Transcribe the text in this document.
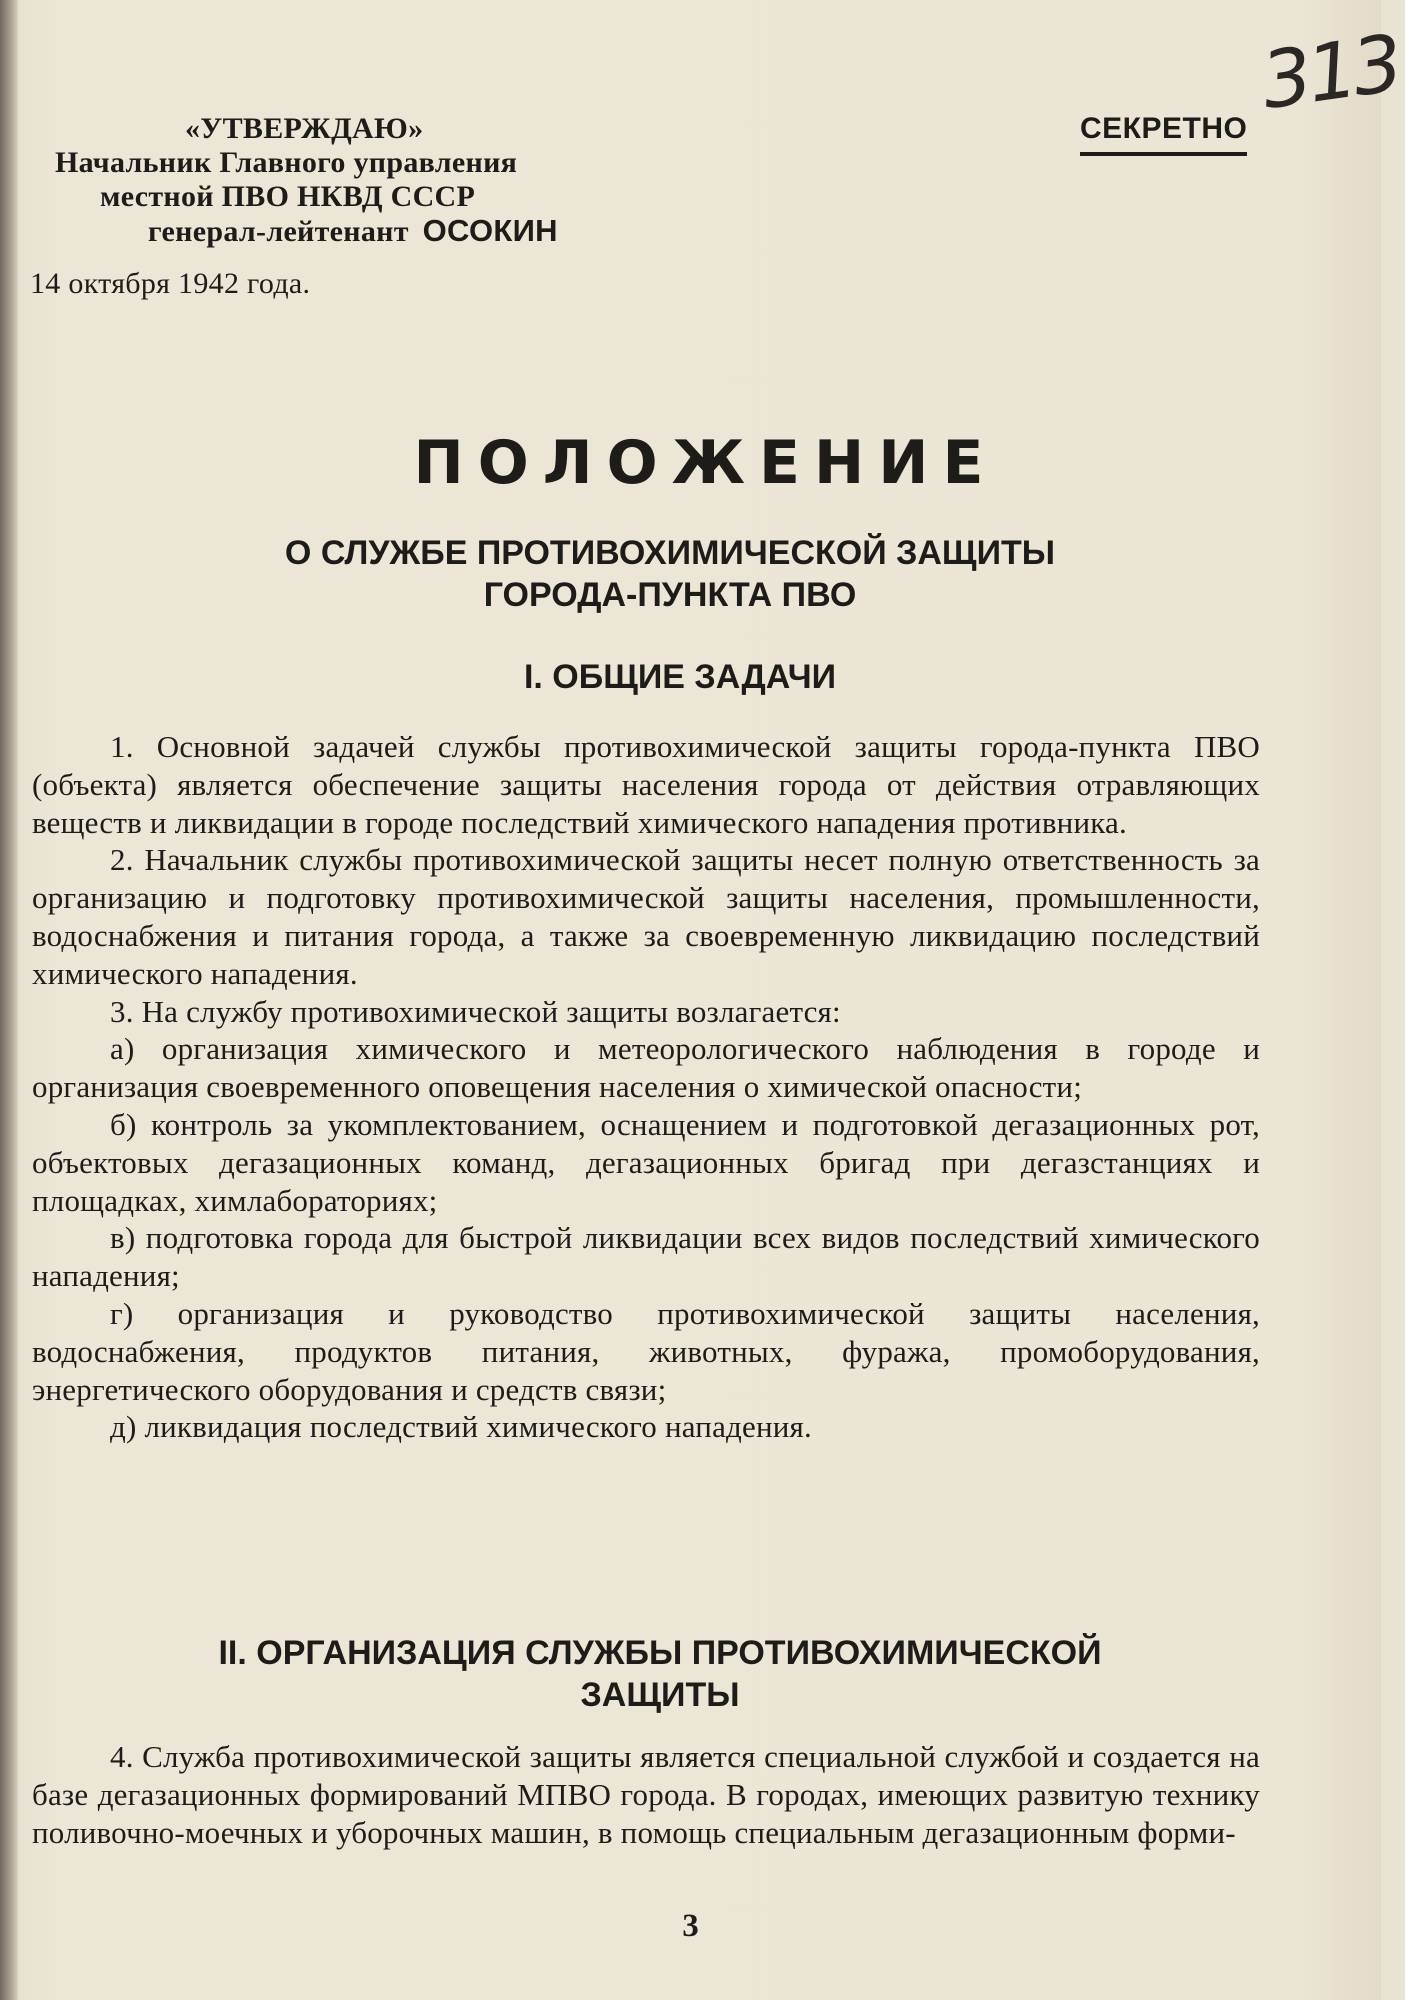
«УТВЕРЖДАЮ»
Начальник Главного управления
местной ПВО НКВД СССР
генерал-лейтенант ОСОКИН
14 октября 1942 года.
СЕКРЕТНО
313
ПОЛОЖЕНИЕ
О СЛУЖБЕ ПРОТИВОХИМИЧЕСКОЙ ЗАЩИТЫ
ГОРОДА-ПУНКТА ПВО
I. ОБЩИЕ ЗАДАЧИ

1. Основной задачей службы противохимической защиты города-пункта ПВО (объекта) является обеспечение защиты населения города от действия отравляющих веществ и ликвидации в городе последствий химического нападения противника.

2. Начальник службы противохимической защиты несет полную ответственность за организацию и подготовку противохимической защиты населения, промышленности, водоснабжения и питания города, а также за своевременную ликвидацию последствий химического нападения.

3. На службу противохимической защиты возлагается:

а) организация химического и метеорологического наблюдения в городе и организация своевременного оповещения населения о химической опасности;

б) контроль за укомплектованием, оснащением и подготовкой дегазационных рот, объектовых дегазационных команд, дегазационных бригад при дегазстанциях и площадках, химлабораториях;

в) подготовка города для быстрой ликвидации всех видов последствий химического нападения;

г) организация и руководство противохимической защиты населения, водоснабжения, продуктов питания, животных, фуража, промоборудования, энергетического оборудования и средств связи;

д) ликвидация последствий химического нападения.

II. ОРГАНИЗАЦИЯ СЛУЖБЫ ПРОТИВОХИМИЧЕСКОЙ
ЗАЩИТЫ

4. Служба противохимической защиты является специальной службой и создается на базе дегазационных формирований МПВО города. В городах, имеющих развитую технику поливочно-моечных и уборочных машин, в помощь специальным дегазационным форми-

3
